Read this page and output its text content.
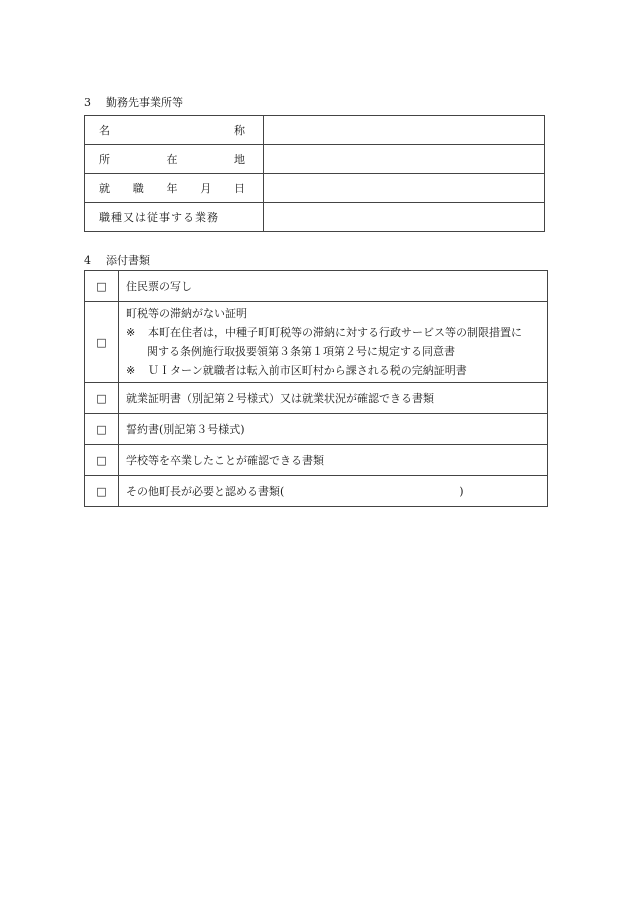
3 勤務先事業所等
名 称	

所 在 地	

就 職 年 月 日	

職種又は従事する業務	

4 添付書類
□	住民票の写し
□	町税等の滞納がない証明
※ 本町在住者は，中種子町町税等の滞納に対する行政サービス等の制限措置に
関する条例施行取扱要領第３条第１項第２号に規定する同意書
※ ＵＩターン就職者は転入前市区町村から課される税の完納証明書

□	就業証明書（別記第２号様式）又は就業状況が確認できる書類
□	誓約書(別記第３号様式)
□	学校等を卒業したことが確認できる書類
□	その他町長が必要と認める書類( )
